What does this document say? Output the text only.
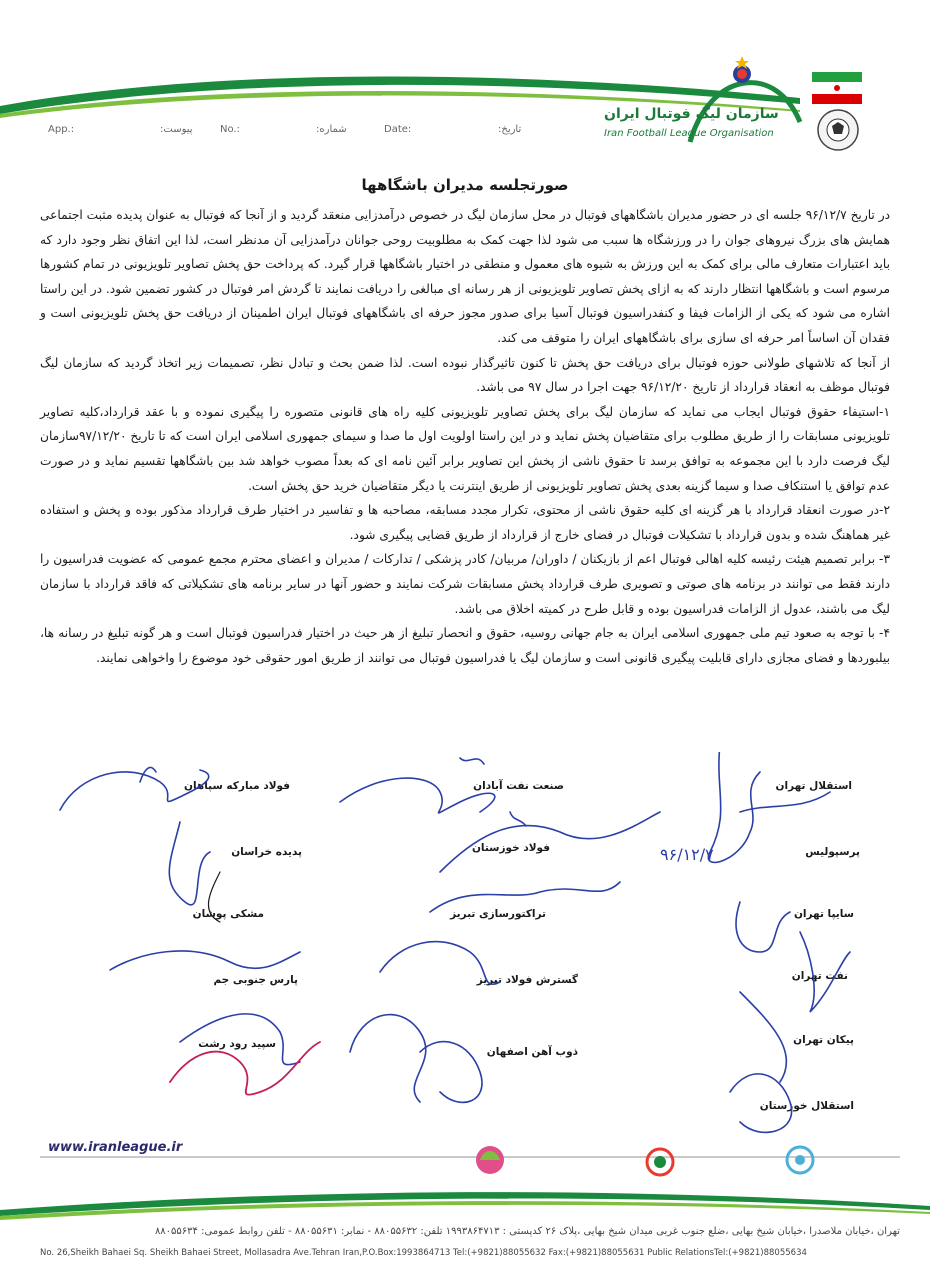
سازمان لیگ فوتبال ایران
Iran Football League Organisation
App.:	پیوست:	No.:	شماره:	Date:	تاریخ:
صورتجلسه مدیران باشگاهها

در تاریخ ۹۶/۱۲/۷ جلسه ای در حضور مدیران باشگاههای فوتبال در محل سازمان لیگ در خصوص درآمدزایی منعقد گردید و از آنجا که فوتبال به عنوان پدیده مثبت اجتماعی همایش های بزرگ نیروهای جوان را در ورزشگاه ها سبب می شود لذا جهت کمک به مطلوبیت روحی جوانان درآمدزایی آن مدنظر است، لذا این اتفاق نظر وجود دارد که باید اعتبارات متعارف مالی برای کمک به این ورزش به شیوه های معمول و منطقی در اختیار باشگاهها قرار گیرد. که پرداخت حق پخش تصاویر تلویزیونی در تمام کشورها مرسوم است و باشگاهها انتظار دارند که به ازای پخش تصاویر تلویزیونی از هر رسانه ای مبالغی را دریافت نمایند تا گردش امر فوتبال در کشور تضمین شود. در این راستا اشاره می شود که یکی از الزامات فیفا و کنفدراسیون فوتبال آسیا برای صدور مجوز حرفه ای باشگاههای فوتبال ایران اطمینان از دریافت حق پخش تلویزیونی است و فقدان آن اساساً امر حرفه ای سازی برای باشگاههای ایران را متوقف می کند.

از آنجا که تلاشهای طولانی حوزه فوتبال برای دریافت حق پخش تا کنون تاثیرگذار نبوده است. لذا ضمن بحث و تبادل نظر، تصمیمات زیر اتخاذ گردید که سازمان لیگ فوتبال موظف به انعقاد قرارداد از تاریخ ۹۶/۱۲/۲۰ جهت اجرا در سال ۹۷ می باشد.

۱-استیفاء حقوق فوتبال ایجاب می نماید که سازمان لیگ برای پخش تصاویر تلویزیونی کلیه راه های قانونی متصوره را پیگیری نموده و با عقد قرارداد،کلیه تصاویر تلویزیونی مسابقات را از طریق مطلوب برای متقاضیان پخش نماید و در این راستا اولویت اول ما صدا و سیمای جمهوری اسلامی ایران است که تا تاریخ ۹۷/۱۲/۲۰سازمان لیگ فرصت دارد با این مجموعه به توافق برسد تا حقوق ناشی از پخش این تصاویر برابر آئین نامه ای که بعداً مصوب خواهد شد بین باشگاهها تقسیم نماید و در صورت عدم توافق یا استنکاف صدا و سیما گزینه بعدی پخش تصاویر تلویزیونی از طریق اینترنت یا دیگر متقاضیان خرید حق پخش است.

۲-در صورت انعقاد قرارداد با هر گزینه ای کلیه حقوق ناشی از محتوی، تکرار مجدد مسابقه، مصاحبه ها و تفاسیر در اختیار طرف قرارداد مذکور بوده و پخش و استفاده غیر هماهنگ شده و بدون قرارداد با تشکیلات فوتبال در فضای خارج از قرارداد از طریق قضایی پیگیری شود.

۳- برابر تصمیم هیئت رئیسه کلیه اهالی فوتبال اعم از بازیکنان / داوران/ مربیان/ کادر پزشکی / تدارکات / مدیران و اعضای محترم مجمع عمومی که عضویت فدراسیون را دارند فقط می توانند در برنامه های صوتی و تصویری طرف قرارداد پخش مسابقات شرکت نمایند و حضور آنها در سایر برنامه های تشکیلاتی که فاقد قرارداد با سازمان لیگ می باشند، عدول از الزامات فدراسیون بوده و قابل طرح در کمیته اخلاق می باشد.

۴- با توجه به صعود تیم ملی جمهوری اسلامی ایران به جام جهانی روسیه، حقوق و انحصار تبلیغ از هر حیث در اختیار فدراسیون فوتبال است و هر گونه تبلیغ در رسانه ها، بیلبوردها و فضای مجازی دارای قابلیت پیگیری قانونی است و سازمان لیگ یا فدراسیون فوتبال می توانند از طریق امور حقوقی خود موضوع را واخواهی نمایند.

استقلال تهران
صنعت نفت آبادان
فولاد مبارکه سپاهان
پرسپولیس
فولاد خوزستان
پدیده خراسان
سایپا تهران
تراکتورسازی تبریز
مشکی پوشان
نفت تهران
گسترش فولاد تبریز
پارس جنوبی جم
پیکان تهران
ذوب آهن اصفهان
سپید رود رشت
استقلال خوزستان
۹۶/۱۲/۷
www.iranleague.ir
تهران ،خیابان ملاصدرا ،خیابان شیخ بهایی ،ضلع جنوب غربی میدان شیخ بهایی ،پلاک ۲۶ کدپستی : ۱۹۹۳۸۶۴۷۱۳ تلفن: ۸۸۰۵۵۶۳۲ - نمابر: ۸۸۰۵۵۶۳۱ - تلفن روابط عمومی: ۸۸۰۵۵۶۳۴
No. 26,Sheikh Bahaei Sq. Sheikh Bahaei Street, Mollasadra Ave.Tehran Iran,P.O.Box:1993864713 Tel:(+9821)88055632 Fax:(+9821)88055631 Public RelationsTel:(+9821)88055634
